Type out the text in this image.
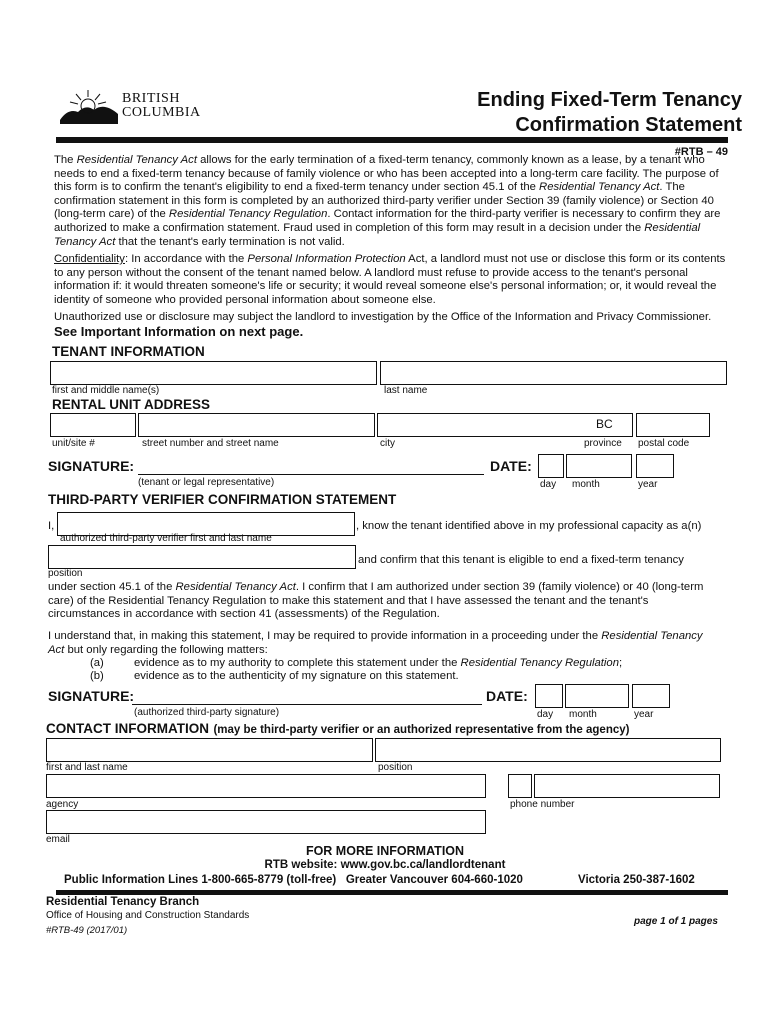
BRITISH
COLUMBIA
Ending Fixed-Term Tenancy
Confirmation Statement
#RTB – 49
The Residential Tenancy Act allows for the early termination of a fixed-term tenancy, commonly known as a lease, by a tenant who needs to end a fixed-term tenancy because of family violence or who has been accepted into a long-term care facility. The purpose of this form is to confirm the tenant's eligibility to end a fixed-term tenancy under section 45.1 of the Residential Tenancy Act. The confirmation statement in this form is completed by an authorized third-party verifier under Section 39 (family violence) or Section 40 (long-term care) of the Residential Tenancy Regulation. Contact information for the third-party verifier is necessary to confirm they are authorized to make a confirmation statement. Fraud used in completion of this form may result in a decision under the Residential Tenancy Act that the tenant's early termination is not valid.
Confidentiality: In accordance with the Personal Information Protection Act, a landlord must not use or disclose this form or its contents to any person without the consent of the tenant named below. A landlord must refuse to provide access to the tenant's personal information if: it would threaten someone's life or security; it would reveal someone else's personal information; or, it would reveal the identity of someone who provided personal information about someone else.
Unauthorized use or disclosure may subject the landlord to investigation by the Office of the Information and Privacy Commissioner. See Important Information on next page.
TENANT INFORMATION
first and middle name(s)	last name
RENTAL UNIT ADDRESS
BC
unit/site #	street number and street name	city	province postal code
SIGNATURE:
(tenant or legal representative)
DATE:
day month	year
THIRD-PARTY VERIFIER CONFIRMATION STATEMENT
I,	, know the tenant identified above in my professional capacity as a(n)
authorized third-party verifier first and last name
and confirm that this tenant is eligible to end a fixed-term tenancy
position
under section 45.1 of the Residential Tenancy Act. I confirm that I am authorized under section 39 (family violence) or 40 (long-term care) of the Residential Tenancy Regulation to make this statement and that I have assessed the tenant and the tenant's circumstances in accordance with section 41 (assessments) of the Regulation.
I understand that, in making this statement, I may be required to provide information in a proceeding under the Residential Tenancy Act but only regarding the following matters:
(a)	evidence as to my authority to complete this statement under the Residential Tenancy Regulation;
(b)	evidence as to the authenticity of my signature on this statement.
SIGNATURE:
(authorized third-party signature)
DATE:
day month	year
CONTACT INFORMATION (may be third-party verifier or an authorized representative from the agency)
first and last name	position
agency	phone number
email
FOR MORE INFORMATION
RTB website: www.gov.bc.ca/landlordtenant
Public Information Lines 1-800-665-8779 (toll-free)   Greater Vancouver 604-660-1020	Victoria 250-387-1602
Residential Tenancy Branch
Office of Housing and Construction Standards
#RTB-49 (2017/01)
page 1 of 1 pages
